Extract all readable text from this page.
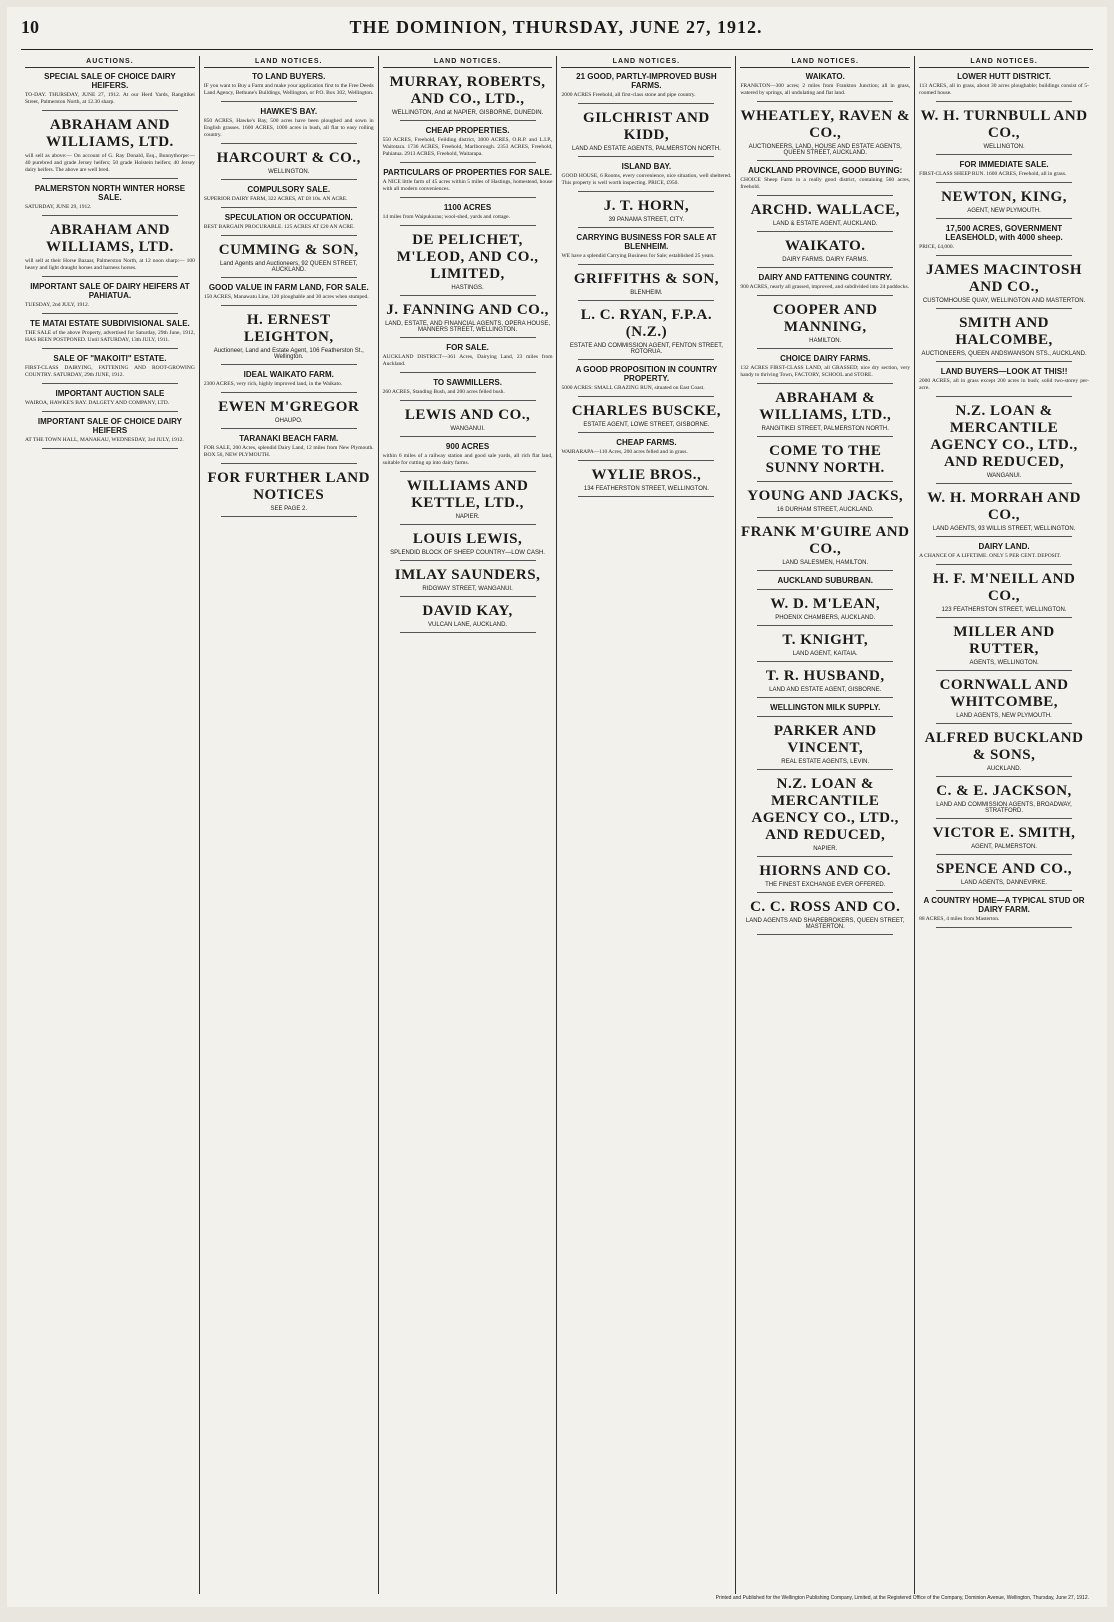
10	THE DOMINION, THURSDAY, JUNE 27, 1912.
AUCTIONS.
SPECIAL SALE OF CHOICE DAIRY HEIFERS.

TO-DAY. THURSDAY, JUNE 27, 1912. At our Herd Yards, Rangitikei Street, Palmerston North, at 12.30 sharp.

ABRAHAM AND WILLIAMS, LTD.

will sell as above:— On account of G. Ray Donald, Esq., Bunnythorpe:— 40 purebred and grade Jersey heifers; 50 grade Holstein heifers; 40 Jersey dairy heifers. The above are well bred.

PALMERSTON NORTH WINTER HORSE SALE.

SATURDAY, JUNE 29, 1912.

ABRAHAM AND WILLIAMS, LTD.

will sell at their Horse Bazaar, Palmerston North, at 12 noon sharp:— 100 heavy and light draught horses and harness horses.

IMPORTANT SALE OF DAIRY HEIFERS AT PAHIATUA.

TUESDAY, 2nd JULY, 1912.

TE MATAI ESTATE SUBDIVISIONAL SALE.

THE SALE of the above Property, advertised for Saturday, 29th June, 1912, HAS BEEN POSTPONED. Until SATURDAY, 13th JULY, 1911.

SALE OF "MAKOITI" ESTATE.

FIRST-CLASS DAIRYING, FATTENING AND ROOT-GROWING COUNTRY. SATURDAY, 29th JUNE, 1912.

IMPORTANT AUCTION SALE

WAIROA, HAWKE'S BAY. DALGETY AND COMPANY, LTD.

IMPORTANT SALE OF CHOICE DAIRY HEIFERS

AT THE TOWN HALL, MANAKAU, WEDNESDAY, 3rd JULY, 1912.

LAND NOTICES.
TO LAND BUYERS.

IF you want to Buy a Farm and make your application first to the Free Deeds Land Agency, Bethune's Buildings, Wellington, or P.O. Box 302, Wellington.

HAWKE'S BAY.

850 ACRES, Hawke's Bay, 500 acres have been ploughed and sown in English grasses. 1600 ACRES, 1000 acres in bush, all flat to easy rolling country.

HARCOURT & CO.,
WELLINGTON.
COMPULSORY SALE.

SUPERIOR DAIRY FARM, 322 ACRES, AT £8 10s. AN ACRE.

SPECULATION OR OCCUPATION.

BEST BARGAIN PROCURABLE. 125 ACRES AT £20 AN ACRE.

CUMMING & SON,
Land Agents and Auctioneers, 92 QUEEN STREET, AUCKLAND.
GOOD VALUE IN FARM LAND, FOR SALE.

150 ACRES, Manawatu Line, 120 ploughable and 30 acres when stumped.

H. ERNEST LEIGHTON,
Auctioneer, Land and Estate Agent, 106 Featherston St., Wellington.
IDEAL WAIKATO FARM.

2300 ACRES, very rich, highly improved land, in the Waikato.

EWEN M'GREGOR
OHAUPO.
TARANAKI BEACH FARM.

FOR SALE, 200 Acres, splendid Dairy Land, 12 miles from New Plymouth. BOX 56, NEW PLYMOUTH.

FOR FURTHER LAND NOTICES
SEE PAGE 2.
LAND NOTICES.
MURRAY, ROBERTS, AND CO., LTD.,
WELLINGTON, And at NAPIER, GISBORNE, DUNEDIN.
CHEAP PROPERTIES.

550 ACRES, Freehold, Feilding district, 3000 ACRES, O.R.P. and L.I.P., Waitotara. 1736 ACRES, Freehold, Marlborough. 2353 ACRES, Freehold, Pahiatua. 2913 ACRES, Freehold, Waitarapa.

PARTICULARS OF PROPERTIES FOR SALE.

A NICE little farm of 45 acres within 5 miles of Hastings, homestead, house with all modern conveniences.

1100 ACRES

14 miles from Waipukurau; wool-shed, yards and cottage.

DE PELICHET, M'LEOD, AND CO., LIMITED,
HASTINGS.
J. FANNING AND CO.,
LAND, ESTATE, AND FINANCIAL AGENTS, OPERA HOUSE, MANNERS STREET, WELLINGTON.
FOR SALE.

AUCKLAND DISTRICT—361 Acres, Dairying Land, 23 miles from Auckland.

TO SAWMILLERS.

260 ACRES, Standing Bush, and 200 acres felled bush.

LEWIS AND CO.,
WANGANUI.
900 ACRES

within 6 miles of a railway station and good sale yards, all rich flat land, suitable for cutting up into dairy farms.

WILLIAMS AND KETTLE, LTD.,
NAPIER.
LOUIS LEWIS,
SPLENDID BLOCK OF SHEEP COUNTRY—LOW CASH.
IMLAY SAUNDERS,
RIDGWAY STREET, WANGANUI.
DAVID KAY,
VULCAN LANE, AUCKLAND.
LAND NOTICES.
21 GOOD, PARTLY-IMPROVED BUSH FARMS.

2000 ACRES Freehold, all first-class stone and pipe country.

GILCHRIST AND KIDD,
LAND AND ESTATE AGENTS, PALMERSTON NORTH.
ISLAND BAY.

GOOD HOUSE, 6 Rooms, every convenience, nice situation, well sheltered. This property is well worth inspecting. PRICE, £950.

J. T. HORN,
39 PANAMA STREET, CITY.
CARRYING BUSINESS FOR SALE AT BLENHEIM.

WE have a splendid Carrying Business for Sale; established 25 years.

GRIFFITHS & SON,
BLENHEIM.
L. C. RYAN, F.P.A. (N.Z.)
ESTATE AND COMMISSION AGENT, FENTON STREET, ROTORUA.
A GOOD PROPOSITION IN COUNTRY PROPERTY.

5000 ACRES: SMALL GRAZING RUN, situated on East Coast.

CHARLES BUSCKE,
ESTATE AGENT, LOWE STREET, GISBORNE.
CHEAP FARMS.

WAIRARAPA—110 Acres, 200 acres felled and in grass.

WYLIE BROS.,
134 FEATHERSTON STREET, WELLINGTON.
LAND NOTICES.
WAIKATO.

FRANKTON—300 acres; 2 miles from Frankton Junction; all in grass, watered by springs, all undulating and flat land.

WHEATLEY, RAVEN & CO.,
AUCTIONEERS, LAND, HOUSE AND ESTATE AGENTS, QUEEN STREET, AUCKLAND.
AUCKLAND PROVINCE, GOOD BUYING:

CHOICE Sheep Farm in a really good district, containing 560 acres, freehold.

ARCHD. WALLACE,
LAND & ESTATE AGENT, AUCKLAND.
WAIKATO.
DAIRY FARMS. DAIRY FARMS.
DAIRY AND FATTENING COUNTRY.

900 ACRES, nearly all grassed, improved, and subdivided into 24 paddocks.

COOPER AND MANNING,
HAMILTON.
CHOICE DAIRY FARMS.

132 ACRES FIRST-CLASS LAND, all GRASSED; nice dry section, very handy to thriving Town, FACTORY, SCHOOL and STORE.

ABRAHAM & WILLIAMS, LTD.,
RANGITIKEI STREET, PALMERSTON NORTH.
COME TO THE SUNNY NORTH.
YOUNG AND JACKS,
16 DURHAM STREET, AUCKLAND.
FRANK M'GUIRE AND CO.,
LAND SALESMEN, HAMILTON.
AUCKLAND SUBURBAN.

W. D. M'LEAN,
PHOENIX CHAMBERS, AUCKLAND.
T. KNIGHT,
LAND AGENT, KAITAIA.
T. R. HUSBAND,
LAND AND ESTATE AGENT, GISBORNE.
WELLINGTON MILK SUPPLY.

PARKER AND VINCENT,
REAL ESTATE AGENTS, LEVIN.
N.Z. LOAN & MERCANTILE AGENCY CO., LTD., AND REDUCED,
NAPIER.
HIORNS AND CO.
THE FINEST EXCHANGE EVER OFFERED.
C. C. ROSS AND CO.
LAND AGENTS AND SHAREBROKERS, QUEEN STREET, MASTERTON.
LAND NOTICES.
LOWER HUTT DISTRICT.

113 ACRES, all in grass, about 30 acres ploughable; buildings consist of 5-roomed house.

W. H. TURNBULL AND CO.,
WELLINGTON.
FOR IMMEDIATE SALE.

FIRST-CLASS SHEEP RUN. 1600 ACRES, Freehold, all in grass.

NEWTON, KING,
AGENT, NEW PLYMOUTH.
17,500 ACRES, GOVERNMENT LEASEHOLD, with 4000 sheep.

PRICE, £4,000.

JAMES MACINTOSH AND CO.,
CUSTOMHOUSE QUAY, WELLINGTON AND MASTERTON.
SMITH AND HALCOMBE,
AUCTIONEERS, QUEEN ANDSWANSON STS., AUCKLAND.
LAND BUYERS—LOOK AT THIS!!

2000 ACRES, all in grass except 200 acres in bush; solid two-storey per-acre.

N.Z. LOAN & MERCANTILE AGENCY CO., LTD., AND REDUCED,
WANGANUI.
W. H. MORRAH AND CO.,
LAND AGENTS, 93 WILLIS STREET, WELLINGTON.
DAIRY LAND.

A CHANCE OF A LIFETIME. ONLY 5 PER CENT. DEPOSIT.

H. F. M'NEILL AND CO.,
123 FEATHERSTON STREET, WELLINGTON.
MILLER AND RUTTER,
AGENTS, WELLINGTON.
CORNWALL AND WHITCOMBE,
LAND AGENTS, NEW PLYMOUTH.
ALFRED BUCKLAND & SONS,
AUCKLAND.
C. & E. JACKSON,
LAND AND COMMISSION AGENTS, BROADWAY, STRATFORD.
VICTOR E. SMITH,
AGENT, PALMERSTON.
SPENCE AND CO.,
LAND AGENTS, DANNEVIRKE.
A COUNTRY HOME—A TYPICAL STUD OR DAIRY FARM.

88 ACRES, 4 miles from Masterton.

Printed and Published for the Wellington Publishing Company, Limited, at the Registered Office of the Company, Dominion Avenue, Wellington, Thursday, June 27, 1912.
